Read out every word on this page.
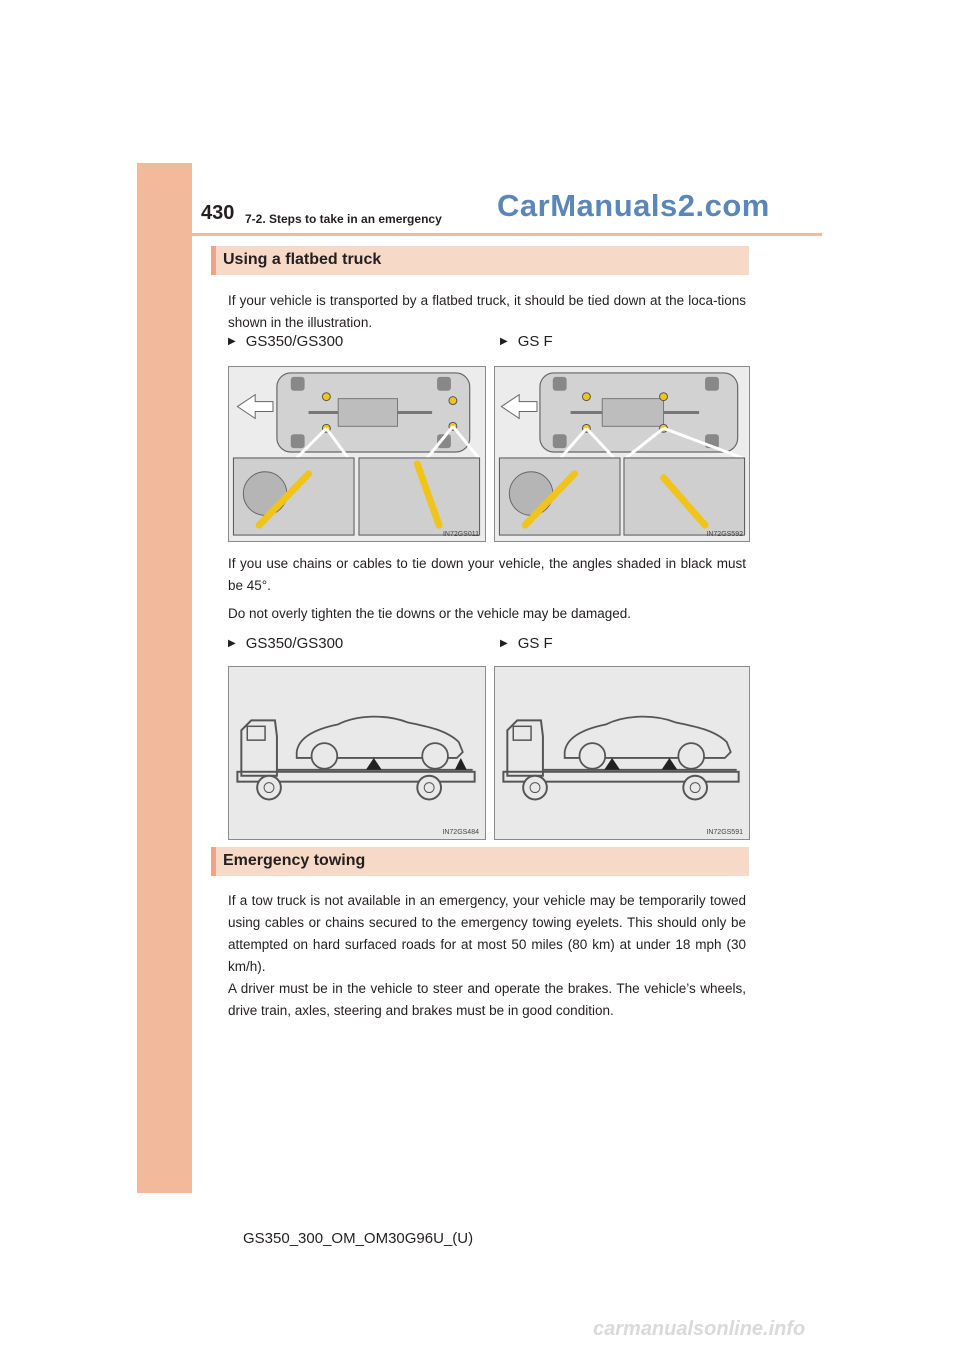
430 7-2. Steps to take in an emergency CarManuals2.com
Using a flatbed truck
If your vehicle is transported by a flatbed truck, it should be tied down at the loca-tions shown in the illustration.
▶ GS350/GS300	▶ GS F
IN72GS011	IN72GS592
If you use chains or cables to tie down your vehicle, the angles shaded in black must be 45°.
Do not overly tighten the tie downs or the vehicle may be damaged.
▶ GS350/GS300	▶ GS F
IN72GS484	IN72GS591
Emergency towing
If a tow truck is not available in an emergency, your vehicle may be temporarily towed using cables or chains secured to the emergency towing eyelets. This should only be attempted on hard surfaced roads for at most 50 miles (80 km) at under 18 mph (30 km/h).
A driver must be in the vehicle to steer and operate the brakes. The vehicle’s wheels, drive train, axles, steering and brakes must be in good condition.
GS350_300_OM_OM30G96U_(U)
carmanualsonline.info
